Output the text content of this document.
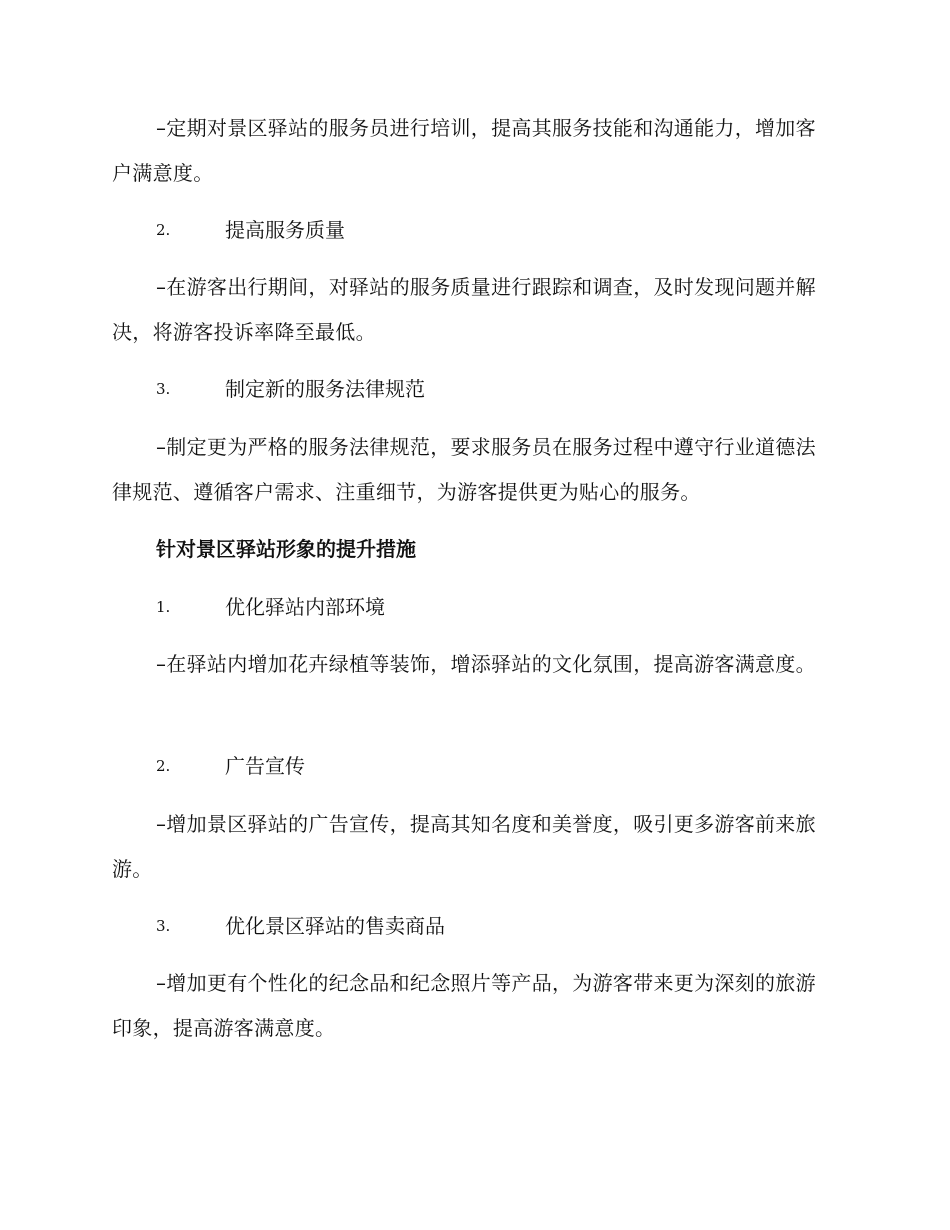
–定期对景区驿站的服务员进行培训，提高其服务技能和沟通能力，增加客户满意度。

2.	提高服务质量

–在游客出行期间，对驿站的服务质量进行跟踪和调查，及时发现问题并解决，将游客投诉率降至最低。

3.	制定新的服务法律规范

–制定更为严格的服务法律规范，要求服务员在服务过程中遵守行业道德法律规范、遵循客户需求、注重细节，为游客提供更为贴心的服务。

针对景区驿站形象的提升措施
1.	优化驿站内部环境

–在驿站内增加花卉绿植等装饰，增添驿站的文化氛围，提高游客满意度。

2.	广告宣传

–增加景区驿站的广告宣传，提高其知名度和美誉度，吸引更多游客前来旅游。

3.	优化景区驿站的售卖商品

–增加更有个性化的纪念品和纪念照片等产品，为游客带来更为深刻的旅游印象，提高游客满意度。
